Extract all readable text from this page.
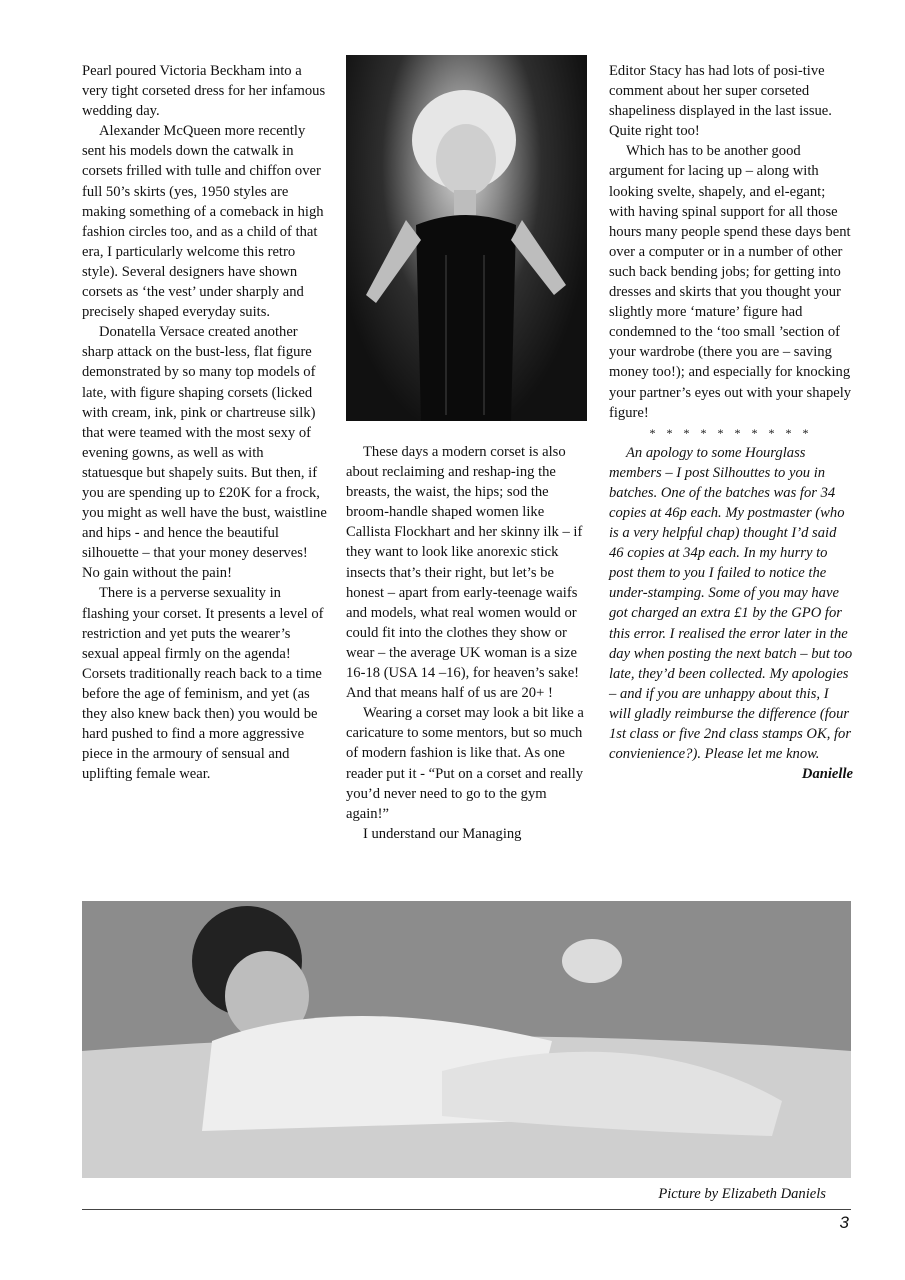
Pearl poured Victoria Beckham into a very tight corseted dress for her infamous wedding day.

Alexander McQueen more recently sent his models down the catwalk in corsets frilled with tulle and chiffon over full 50’s skirts (yes, 1950 styles are making something of a comeback in high fashion circles too, and as a child of that era, I particularly welcome this retro style). Several designers have shown corsets as ‘the vest’ under sharply and precisely shaped everyday suits.

Donatella Versace created another sharp attack on the bust-less, flat figure demonstrated by so many top models of late, with figure shaping corsets (licked with cream, ink, pink or chartreuse silk) that were teamed with the most sexy of evening gowns, as well as with statuesque but shapely suits. But then, if you are spending up to £20K for a frock, you might as well have the bust, waistline and hips - and hence the beautiful silhouette – that your money deserves! No gain without the pain!

There is a perverse sexuality in flashing your corset. It presents a level of restriction and yet puts the wearer’s sexual appeal firmly on the agenda! Corsets traditionally reach back to a time before the age of feminism, and yet (as they also knew back then) you would be hard pushed to find a more aggressive piece in the armoury of sensual and uplifting female wear.

These days a modern corset is also about reclaiming and reshap-ing the breasts, the waist, the hips; sod the broom-handle shaped women like Callista Flockhart and her skinny ilk – if they want to look like anorexic stick insects that’s their right, but let’s be honest – apart from early-teenage waifs and models, what real women would or could fit into the clothes they show or wear – the average UK woman is a size 16-18 (USA 14 –16), for heaven’s sake! And that means half of us are 20+ !

Wearing a corset may look a bit like a caricature to some mentors, but so much of modern fashion is like that. As one reader put it - “Put on a corset and really you’d never need to go to the gym again!”

I understand our Managing

Editor Stacy has had lots of posi-tive comment about her super corseted shapeliness displayed in the last issue. Quite right too!

Which has to be another good argument for lacing up – along with looking svelte, shapely, and el-egant; with having spinal support for all those hours many people spend these days bent over a computer or in a number of other such back bending jobs; for getting into dresses and skirts that you thought your slightly more ‘mature’ figure had condemned to the ‘too small ’section of your wardrobe (there you are – saving money too!); and especially for knocking your partner’s eyes out with your shapely figure!

* * * * * * * * * *

An apology to some Hourglass members – I post Silhouttes to you in batches. One of the batches was for 34 copies at 46p each. My postmaster (who is a very helpful chap) thought I’d said 46 copies at 34p each. In my hurry to post them to you I failed to notice the under-stamping. Some of you may have got charged an extra £1 by the GPO for this error. I realised the error later in the day when posting the next batch – but too late, they’d been collected. My apologies – and if you are unhappy about this, I will gladly reimburse the difference (four 1st class or five 2nd class stamps OK, for convienience?). Please let me know.

Danielle
Picture by Elizabeth Daniels
3
